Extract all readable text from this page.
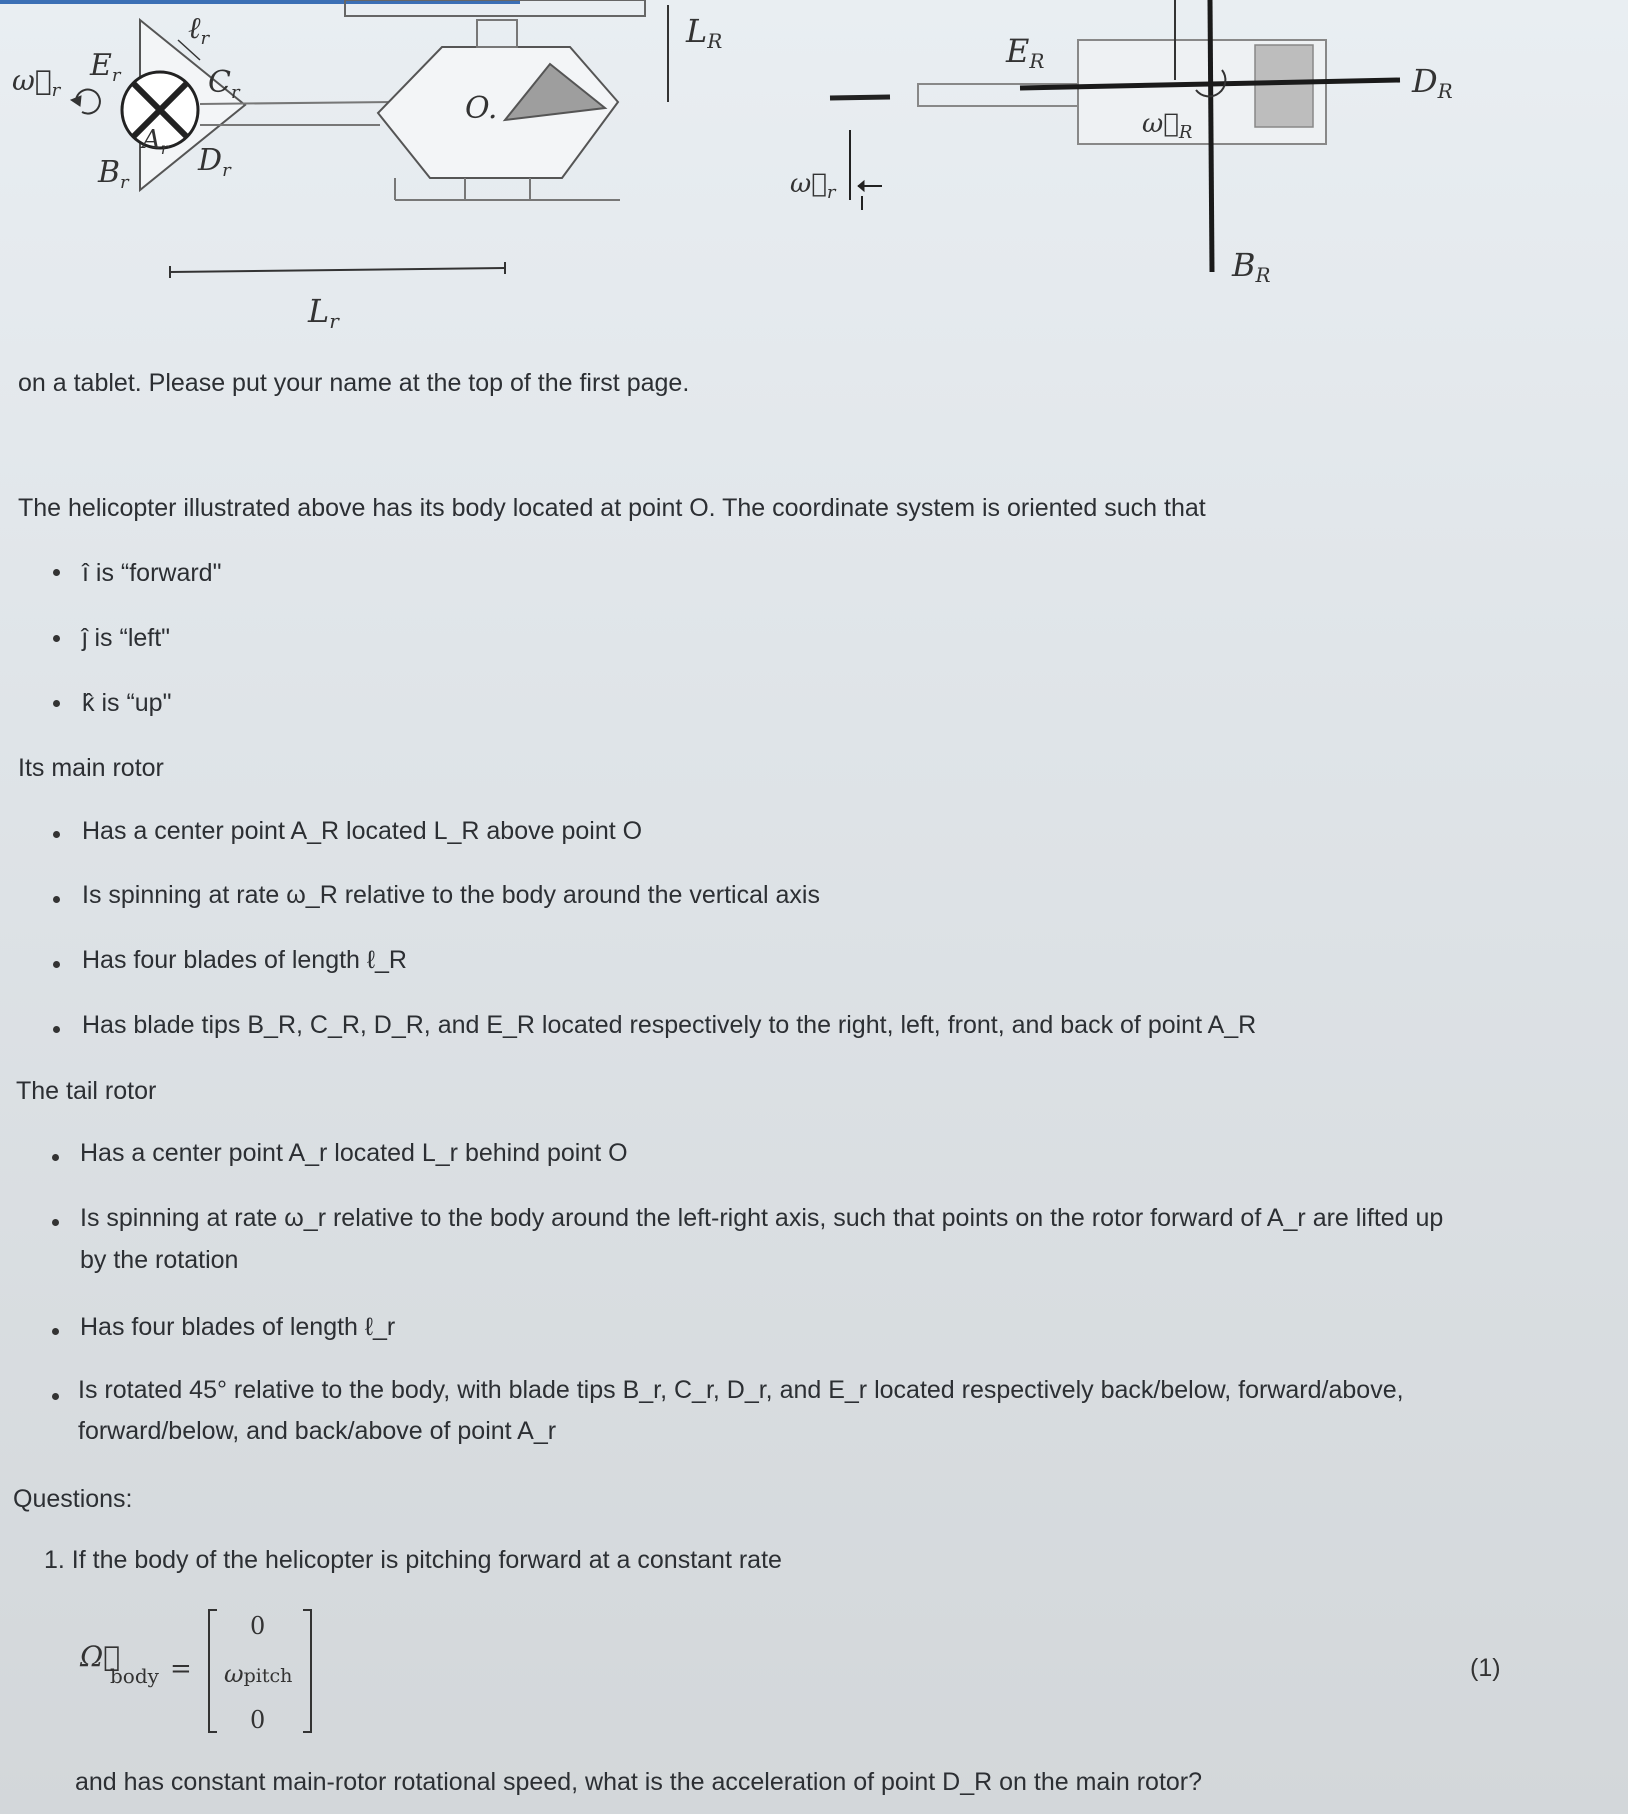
ℓ$_r$
$E_r$	$C_r$
$A_r$
$B_r$
$D_r$
$\omega⃗_r$
O.
LR
Lr
ER
DR
BR
$\omega⃗_R$
$\omega⃗_r$
on a tablet. Please put your name at the top of the first page.
The helicopter illustrated above has its body located at point O. The coordinate system is oriented such that
î is “forward"
ĵ is “left"
k̂ is “up"
Its main rotor
Has a center point A_R located L_R above point O
Is spinning at rate ω_R relative to the body around the vertical axis
Has four blades of length ℓ_R
Has blade tips B_R, C_R, D_R, and E_R located respectively to the right, left, front, and back of point A_R
The tail rotor
Has a center point A_r located L_r behind point O
Is spinning at rate ω_r relative to the body around the left-right axis, such that points on the rotor forward of A_r are lifted up
by the rotation
Has four blades of length ℓ_r
Is rotated 45° relative to the body, with blade tips B_r, C_r, D_r, and E_r located respectively back/below, forward/above,
forward/below, and back/above of point A_r
Questions:
1. If the body of the helicopter is pitching forward at a constant rate
Ω⃗
body =
0
ωpitch
0
(1)
and has constant main-rotor rotational speed, what is the acceleration of point D_R on the main rotor?
